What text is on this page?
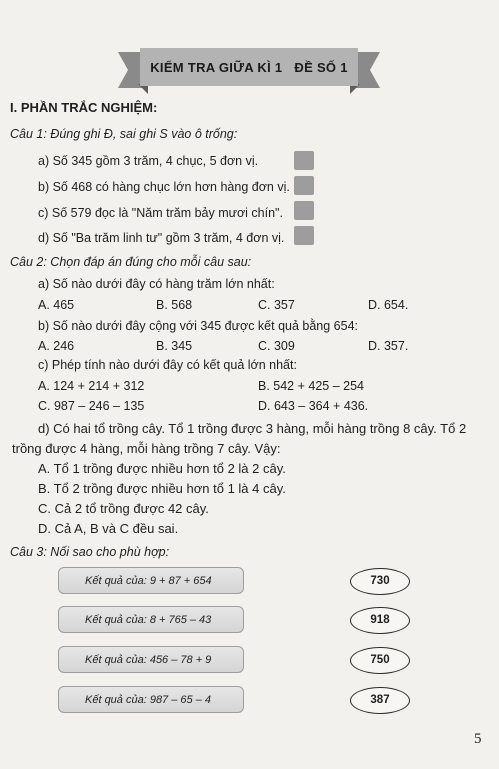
KIỂM TRA GIỮA KÌ 1 ĐỀ SỐ 1
I. PHẦN TRẮC NGHIỆM:
Câu 1: Đúng ghi Đ, sai ghi S vào ô trống:
a) Số 345 gồm 3 trăm, 4 chục, 5 đơn vị.
b) Số 468 có hàng chục lớn hơn hàng đơn vị.
c) Số 579 đọc là "Năm trăm bảy mươi chín".
d) Số "Ba trăm linh tư" gồm 3 trăm, 4 đơn vị.
Câu 2: Chọn đáp án đúng cho mỗi câu sau:
a) Số nào dưới đây có hàng trăm lớn nhất:
A. 465	B. 568	C. 357	D. 654.
b) Số nào dưới đây cộng với 345 được kết quả bằng 654:
A. 246	B. 345	C. 309	D. 357.
c) Phép tính nào dưới đây có kết quả lớn nhất:
A. 124 + 214 + 312	B. 542 + 425 – 254
C. 987 – 246 – 135	D. 643 – 364 + 436.
d) Có hai tổ trồng cây. Tổ 1 trồng được 3 hàng, mỗi hàng trồng 8 cây. Tổ 2
trồng được 4 hàng, mỗi hàng trồng 7 cây. Vậy:
A. Tổ 1 trồng được nhiều hơn tổ 2 là 2 cây.
B. Tổ 2 trồng được nhiều hơn tổ 1 là 4 cây.
C. Cả 2 tổ trồng được 42 cây.
D. Cả A, B và C đều sai.
Câu 3: Nối sao cho phù hợp:
Kết quả của: 9 + 87 + 654
Kết quả của: 8 + 765 – 43
Kết quả của: 456 – 78 + 9
Kết quả của: 987 – 65 – 4
730
918
750
387
5
